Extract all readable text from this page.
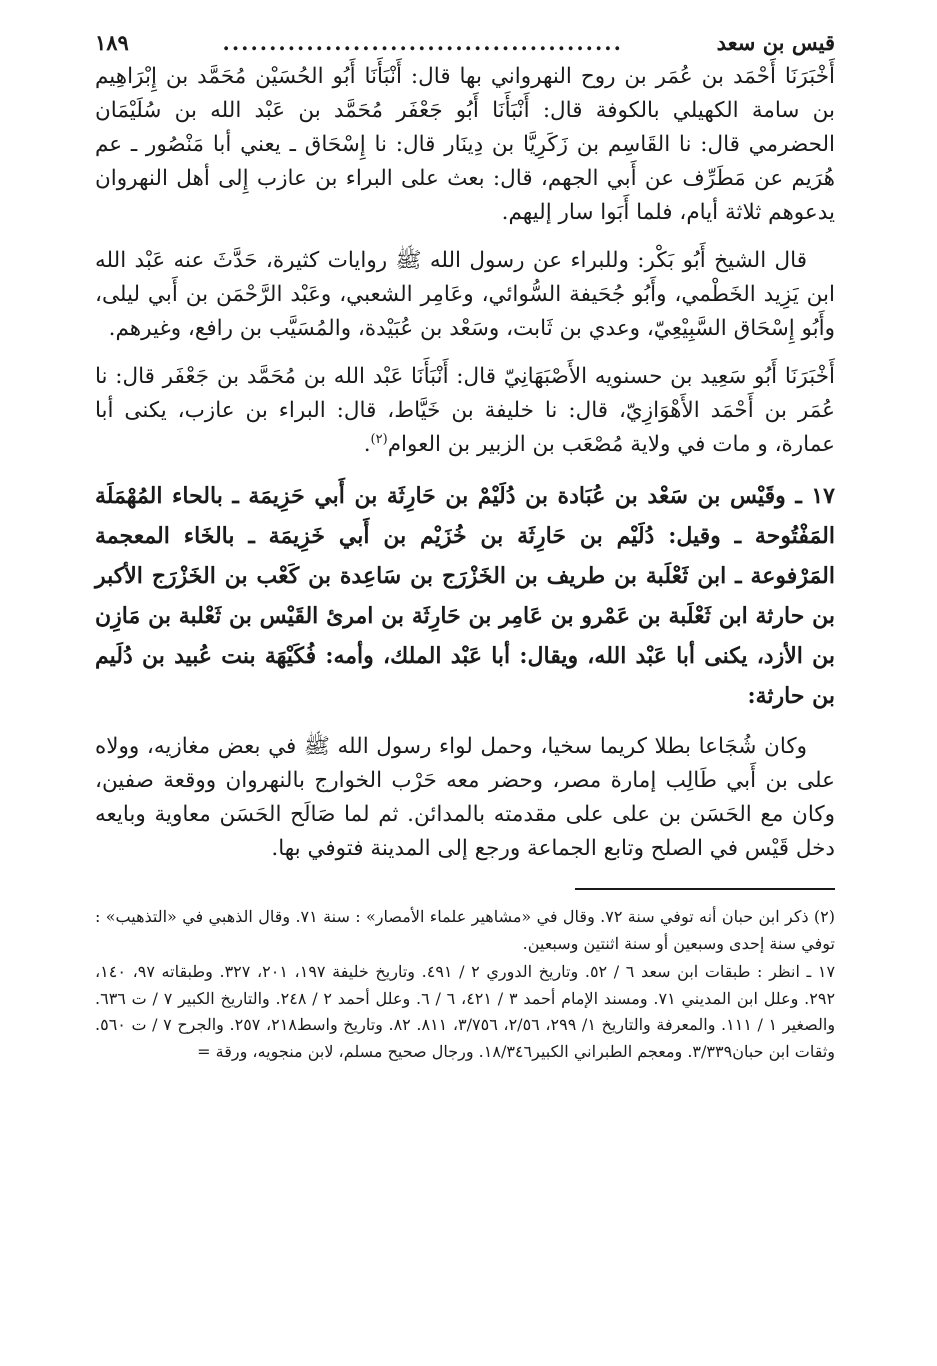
قيس بن سعد
...........................................
١٨٩

أَخْبَرَنَا أَحْمَد بن عُمَر بن روح النهرواني بها قال: أَنْبَأَنَا أَبُو الحُسَيْن مُحَمَّد بن إِبْرَاهِيم بن سامة الكهيلي بالكوفة قال: أَنْبَأَنَا أَبُو جَعْفَر مُحَمَّد بن عَبْد الله بن سُلَيْمَان الحضرمي قال: نا القَاسِم بن زَكَرِيَّا بن دِينَار قال: نا إِسْحَاق ـ يعني أبا مَنْصُور ـ عم هُرَيم عن مَطَرِّف عن أَبي الجهم، قال: بعث على البراء بن عازب إِلى أهل النهروان يدعوهم ثلاثة أيام، فلما أَبَوا سار إليهم.

قال الشيخ أَبُو بَكْر: وللبراء عن رسول الله ﷺ روايات كثيرة، حَدَّثَ عنه عَبْد الله ابن يَزِيد الخَطْمي، وأَبُو جُحَيفة السُّوائي، وعَامِر الشعبي، وعَبْد الرَّحْمَن بن أَبي ليلى، وأَبُو إِسْحَاق السَّبِيْعِيّ، وعدي بن ثَابت، وسَعْد بن عُبَيْدة، والمُسَيَّب بن رافع، وغيرهم.

أَخْبَرَنَا أَبُو سَعِيد بن حسنويه الأَصْبَهَانِيّ قال: أَنْبَأَنَا عَبْد الله بن مُحَمَّد بن جَعْفَر قال: نا عُمَر بن أَحْمَد الأَهْوَازِيّ، قال: نا خليفة بن خَيَّاط، قال: البراء بن عازب، يكنى أبا عمارة، و مات في ولاية مُصْعَب بن الزبير بن العوام$^{(٢)}$.

١٧ ـ وقَيْس بن سَعْد بن عُبَادة بن دُلَيْمْ بن حَارِثَة بن أَبي حَزِيمَة ـ بالحاء المُهْمَلَة المَفْتُوحة ـ وقيل: دُلَيْم بن حَارِثَة بن خُزَيْم بن أَبي خَزِيمَة ـ بالخَاء المعجمة المَرْفوعة ـ ابن ثَعْلَبة بن طريف بن الخَزْرَج بن سَاعِدة بن كَعْب بن الخَزْرَج الأكبر بن حارثة ابن ثَعْلَبة بن عَمْرو بن عَامِر بن حَارِثَة بن امرئ القَيْس بن ثَعْلبة بن مَازِن بن الأزد، يكنى أبا عَبْد الله، ويقال: أبا عَبْد الملك، وأمه: فُكَيْهَة بنت عُبيد بن دُلَيم بن حارثة:

وكان شُجَاعا بطلا كريما سخيا، وحمل لواء رسول الله ﷺ في بعض مغازيه، وولاه على بن أَبي طَالِب إمارة مصر، وحضر معه حَرْب الخوارج بالنهروان ووقعة صفين، وكان مع الحَسَن بن على على مقدمته بالمدائن. ثم لما صَالَح الحَسَن معاوية وبايعه دخل قَيْس في الصلح وتابع الجماعة ورجع إلى المدينة فتوفي بها.

(٢) ذكر ابن حبان أنه توفي سنة ٧٢. وقال في «مشاهير علماء الأمصار» : سنة ٧١. وقال الذهبي في «التذهيب» : توفي سنة إحدى وسبعين أو سنة اثنتين وسبعين.

١٧ ـ انظر : طبقات ابن سعد ٦ / ٥٢. وتاريخ الدوري ٢ / ٤٩١. وتاريخ خليفة ١٩٧، ٢٠١، ٣٢٧. وطبقاته ٩٧، ١٤٠، ٢٩٢. وعلل ابن المديني ٧١. ومسند الإمام أحمد ٣ / ٤٢١، ٦ / ٦. وعلل أحمد ٢ / ٢٤٨. والتاريخ الكبير ٧ / ت ٦٣٦. والصغير ١ / ١١١. والمعرفة والتاريخ ١/ ٢٩٩، ٢/٥٦، ٣/٧٥٦، ٨١١. ٨٢. وتاريخ واسط٢١٨، ٢٥٧. والجرح ٧ / ت ٥٦٠. وثقات ابن حبان٣/٣٣٩. ومعجم الطبراني الكبير١٨/٣٤٦. ورجال صحيح مسلم، لابن منجويه، ورقة =
